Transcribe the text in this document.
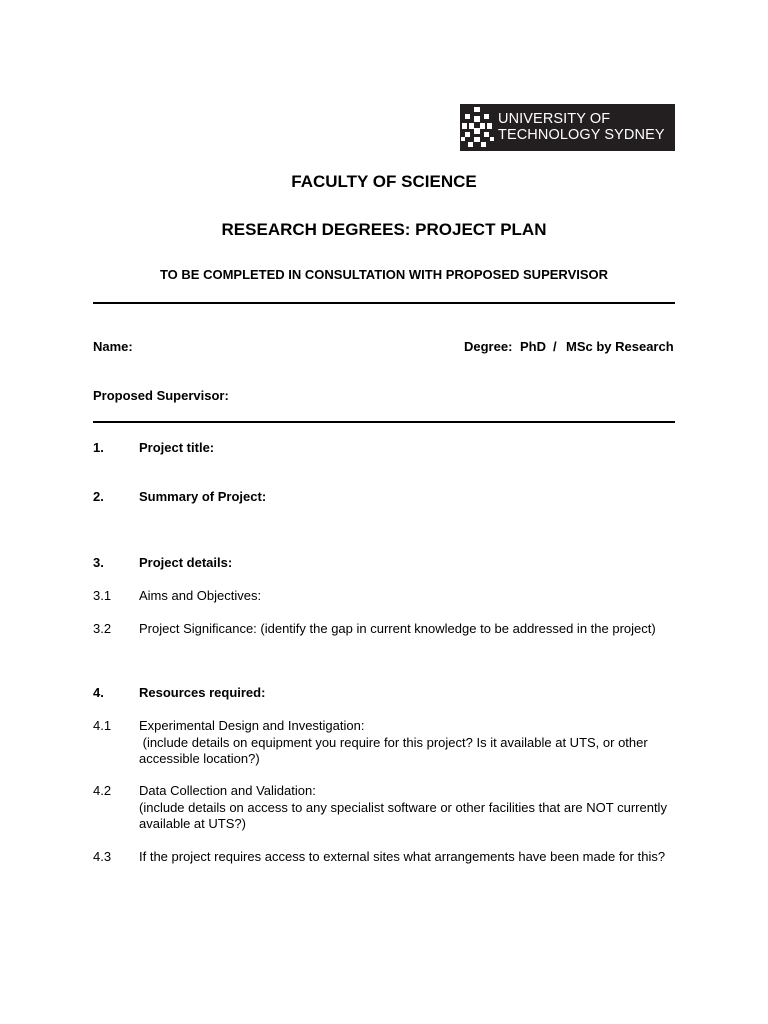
UNIVERSITY OF
TECHNOLOGY SYDNEY
FACULTY OF SCIENCE
RESEARCH DEGREES: PROJECT PLAN
TO BE COMPLETED IN CONSULTATION WITH PROPOSED SUPERVISOR
Name:	Degree: PhD / MSc by Research
Proposed Supervisor:
1.	Project title:
2.	Summary of Project:
3.	Project details:
3.1 Aims and Objectives:
3.2 Project Significance: (identify the gap in current knowledge to be addressed in the project)
4.	Resources required:
4.1 Experimental Design and Investigation:
(include details on equipment you require for this project? Is it available at UTS, or other
accessible location?)
4.2 Data Collection and Validation:
(include details on access to any specialist software or other facilities that are NOT currently
available at UTS?)
4.3 If the project requires access to external sites what arrangements have been made for this?
